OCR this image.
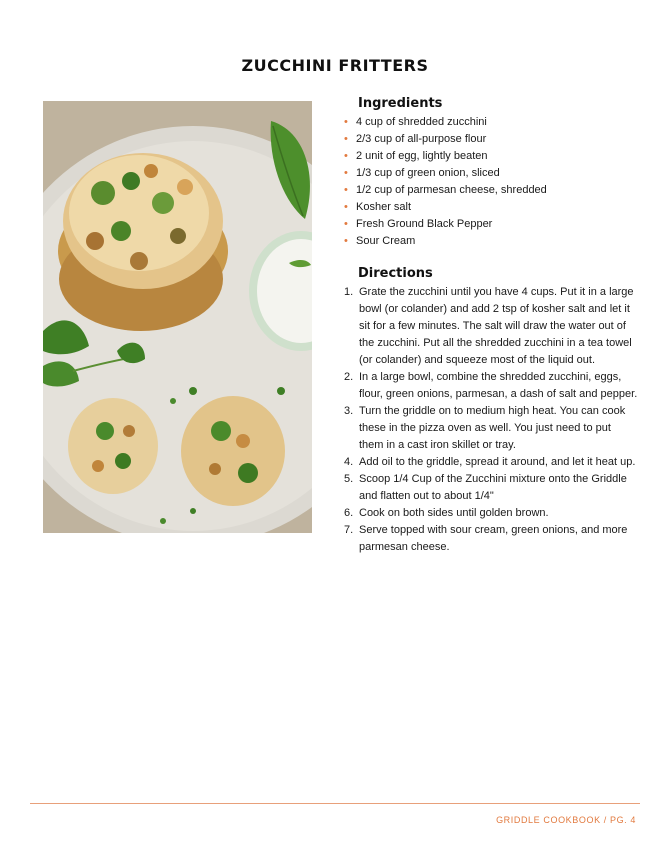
ZUCCHINI FRITTERS
Ingredients
• 4 cup of shredded zucchini
• 2/3 cup of all-purpose flour
• 2 unit of egg, lightly beaten
• 1/3 cup of green onion, sliced
• 1/2 cup of parmesan cheese, shredded
• Kosher salt
• Fresh Ground Black Pepper
• Sour Cream
Directions
1. Grate the zucchini until you have 4 cups. Put it in a large bowl (or colander) and add 2 tsp of kosher salt and let it sit for a few minutes. The salt will draw the water out of the zucchini. Put all the shredded zucchini in a tea towel (or colander) and squeeze most of the liquid out.
2. In a large bowl, combine the shredded zucchini, eggs, flour, green onions, parmesan, a dash of salt and pepper.
3. Turn the griddle on to medium high heat. You can cook these in the pizza oven as well. You just need to put them in a cast iron skillet or tray.
4. Add oil to the griddle, spread it around, and let it heat up.
5. Scoop 1/4 Cup of the Zucchini mixture onto the Griddle and flatten out to about 1/4"
6. Cook on both sides until golden brown.
7. Serve topped with sour cream, green onions, and more parmesan cheese.
GRIDDLE COOKBOOK / PG. 4
